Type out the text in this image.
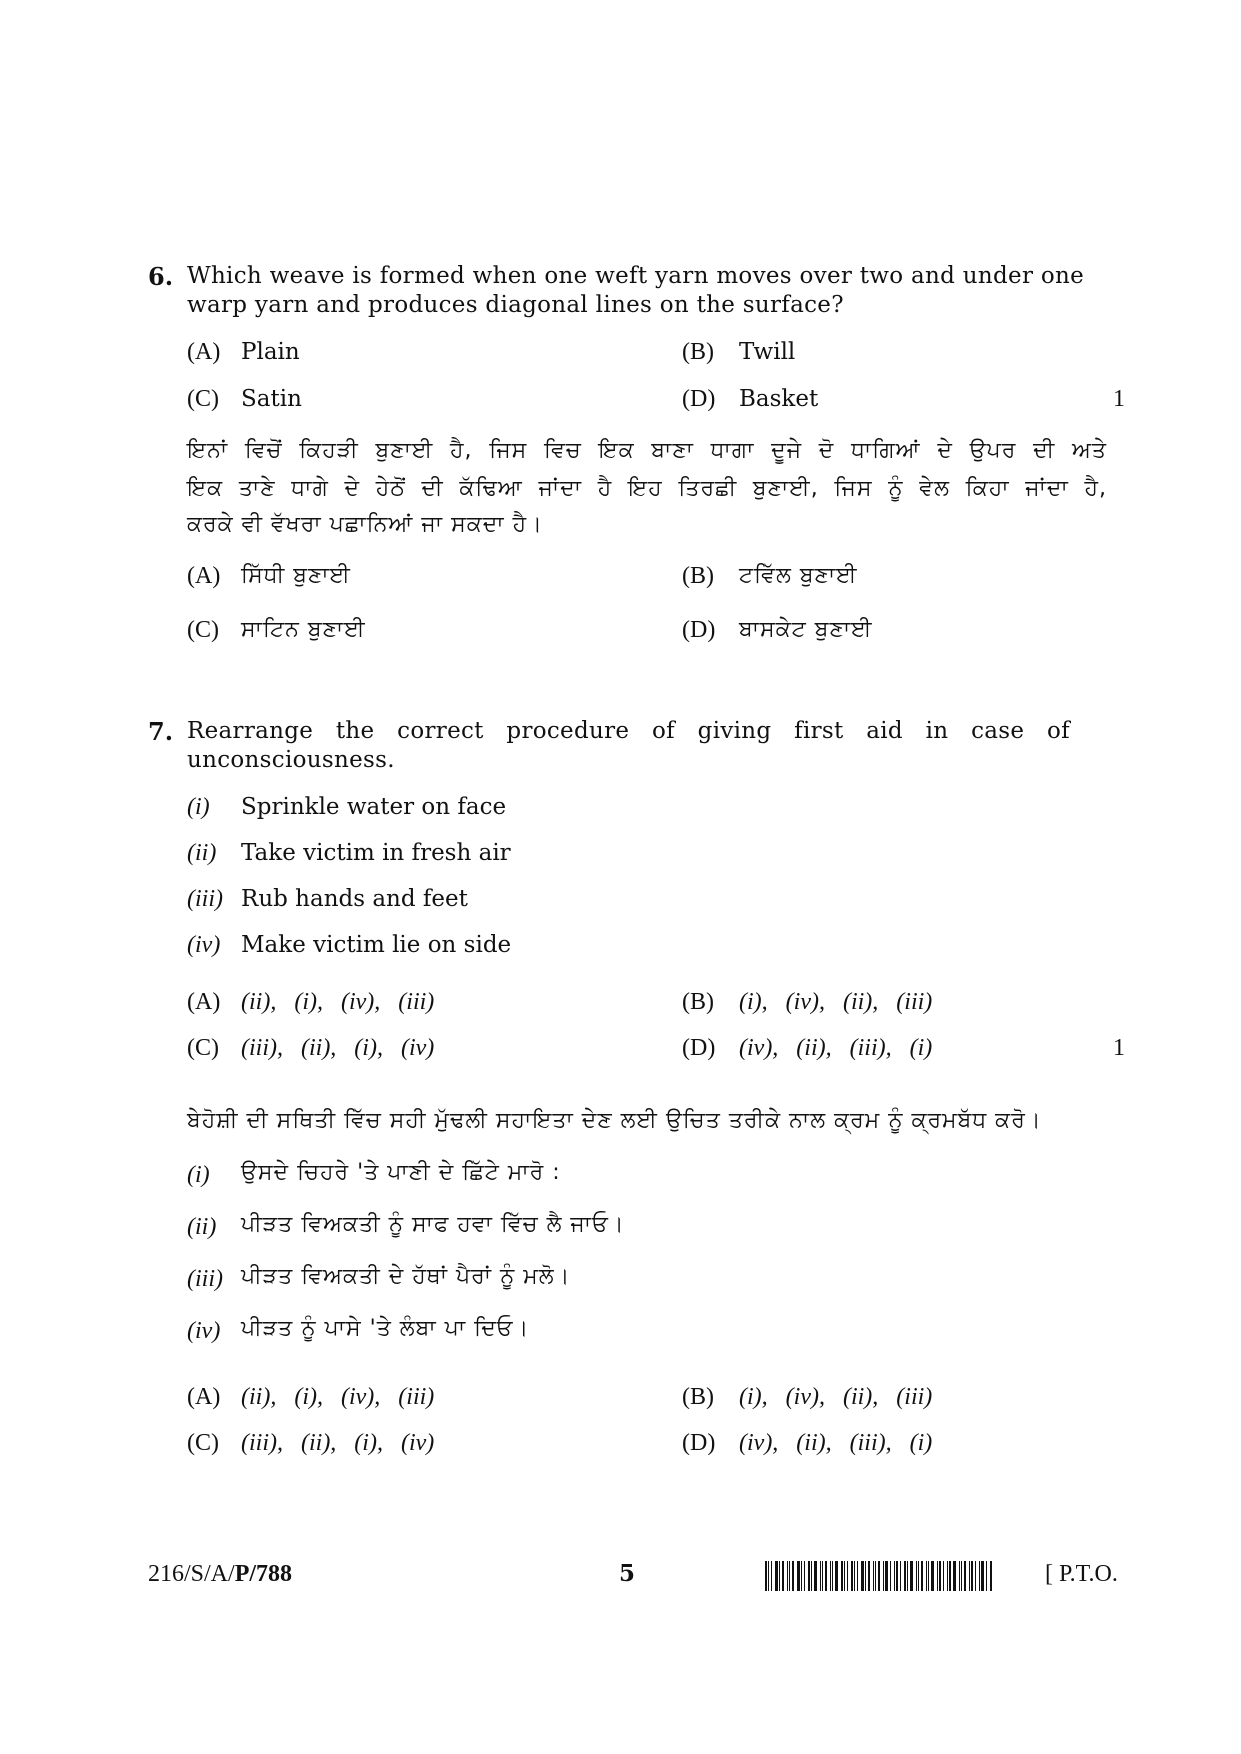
6. Which weave is formed when one weft yarn moves over two and under one
warp yarn and produces diagonal lines on the surface?
(A) Plain	(B) Twill
(C) Satin	(D) Basket	1
ਇਨਾਂ ਵਿਚੋਂ ਕਿਹੜੀ ਬੁਣਾਈ ਹੈ, ਜਿਸ ਵਿਚ ਇਕ ਬਾਣਾ ਧਾਗਾ ਦੂਜੇ ਦੋ ਧਾਗਿਆਂ ਦੇ ਉਪਰ ਦੀ ਅਤੇ
ਇਕ ਤਾਣੇ ਧਾਗੇ ਦੇ ਹੇਠੋਂ ਦੀ ਕੱਢਿਆ ਜਾਂਦਾ ਹੈ ਇਹ ਤਿਰਛੀ ਬੁਣਾਈ, ਜਿਸ ਨੂੰ ਵੇਲ ਕਿਹਾ ਜਾਂਦਾ ਹੈ,
ਕਰਕੇ ਵੀ ਵੱਖਰਾ ਪਛਾਨਿਆਂ ਜਾ ਸਕਦਾ ਹੈ।
(A) ਸਿੱਧੀ ਬੁਣਾਈ	(B) ਟਵਿੱਲ ਬੁਣਾਈ
(C) ਸਾਟਿਨ ਬੁਣਾਈ	(D) ਬਾਸਕੇਟ ਬੁਣਾਈ
7. Rearrange the correct procedure of giving first aid in case of
unconsciousness.
(i) Sprinkle water on face
(ii) Take victim in fresh air
(iii) Rub hands and feet
(iv) Make victim lie on side
(A) (ii), (i), (iv), (iii)	(B) (i), (iv), (ii), (iii)
(C) (iii), (ii), (i), (iv)	(D) (iv), (ii), (iii), (i)	1
ਬੇਹੋਸ਼ੀ ਦੀ ਸਥਿਤੀ ਵਿੱਚ ਸਹੀ ਮੁੱਢਲੀ ਸਹਾਇਤਾ ਦੇਣ ਲਈ ਉਚਿਤ ਤਰੀਕੇ ਨਾਲ ਕ੍ਰਮ ਨੂੰ ਕ੍ਰਮਬੱਧ ਕਰੋ।
(i) ਉਸਦੇ ਚਿਹਰੇ 'ਤੇ ਪਾਣੀ ਦੇ ਛਿੱਟੇ ਮਾਰੋ :
(ii) ਪੀੜਤ ਵਿਅਕਤੀ ਨੂੰ ਸਾਫ ਹਵਾ ਵਿੱਚ ਲੈ ਜਾਓ।
(iii) ਪੀੜਤ ਵਿਅਕਤੀ ਦੇ ਹੱਥਾਂ ਪੈਰਾਂ ਨੂੰ ਮਲੋ।
(iv) ਪੀੜਤ ਨੂੰ ਪਾਸੇ 'ਤੇ ਲੰਬਾ ਪਾ ਦਿਓ।
(A) (ii), (i), (iv), (iii)	(B) (i), (iv), (ii), (iii)
(C) (iii), (ii), (i), (iv)	(D) (iv), (ii), (iii), (i)
216/S/A/P/788	5	[ P.T.O.
